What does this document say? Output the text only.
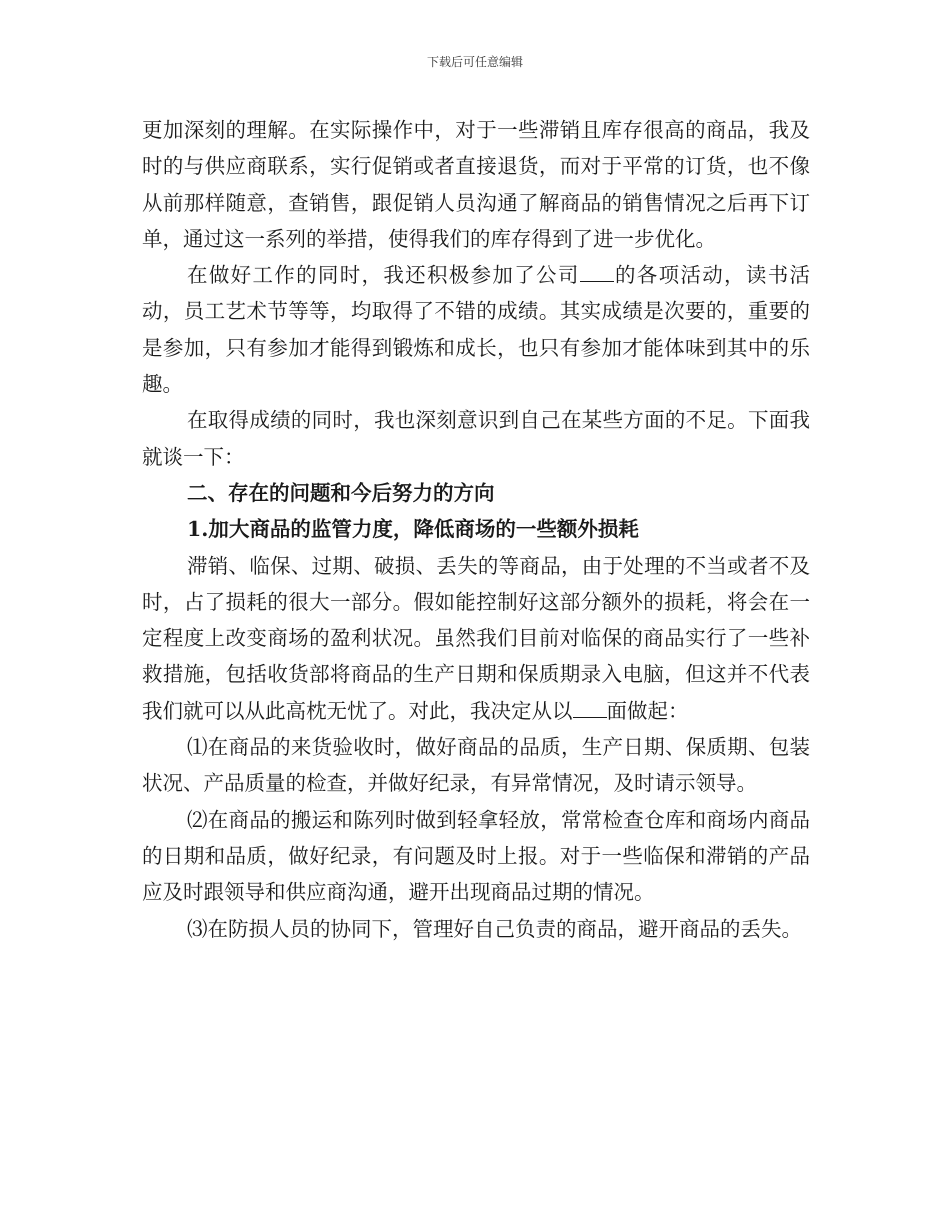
下载后可任意编辑

更加深刻的理解。在实际操作中，对于一些滞销且库存很高的商品，我及时的与供应商联系，实行促销或者直接退货，而对于平常的订货，也不像从前那样随意，查销售，跟促销人员沟通了解商品的销售情况之后再下订单，通过这一系列的举措，使得我们的库存得到了进一步优化。

在做好工作的同时，我还积极参加了公司 的各项活动，读书活动，员工艺术节等等，均取得了不错的成绩。其实成绩是次要的，重要的是参加，只有参加才能得到锻炼和成长，也只有参加才能体味到其中的乐趣。

在取得成绩的同时，我也深刻意识到自己在某些方面的不足。下面我就谈一下：

二、存在的问题和今后努力的方向

1.加大商品的监管力度，降低商场的一些额外损耗

滞销、临保、过期、破损、丢失的等商品，由于处理的不当或者不及时，占了损耗的很大一部分。假如能控制好这部分额外的损耗，将会在一定程度上改变商场的盈利状况。虽然我们目前对临保的商品实行了一些补救措施，包括收货部将商品的生产日期和保质期录入电脑，但这并不代表我们就可以从此高枕无忧了。对此，我决定从以 面做起：

⑴在商品的来货验收时，做好商品的品质，生产日期、保质期、包装状况、产品质量的检查，并做好纪录，有异常情况，及时请示领导。

⑵在商品的搬运和陈列时做到轻拿轻放，常常检查仓库和商场内商品的日期和品质，做好纪录，有问题及时上报。对于一些临保和滞销的产品应及时跟领导和供应商沟通，避开出现商品过期的情况。

⑶在防损人员的协同下，管理好自己负责的商品，避开商品的丢失。
